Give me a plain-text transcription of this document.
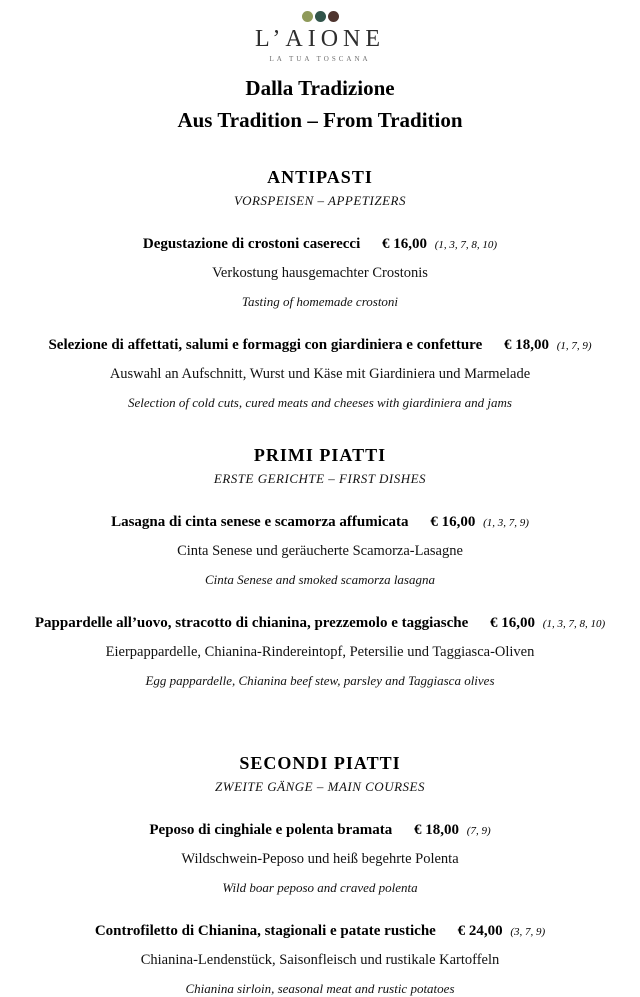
L’AIONE
LA TUA TOSCANA
Dalla Tradizione
Aus Tradition – From Tradition
ANTIPASTI
VORSPEISEN – APPETIZERS
Degustazione di crostoni caserecci € 16,00 (1, 3, 7, 8, 10)
Verkostung hausgemachter Crostonis
Tasting of homemade crostoni
Selezione di affettati, salumi e formaggi con giardiniera e confetture € 18,00 (1, 7, 9)
Auswahl an Aufschnitt, Wurst und Käse mit Giardiniera und Marmelade
Selection of cold cuts, cured meats and cheeses with giardiniera and jams
PRIMI PIATTI
ERSTE GERICHTE – FIRST DISHES
Lasagna di cinta senese e scamorza affumicata € 16,00 (1, 3, 7, 9)
Cinta Senese und geräucherte Scamorza-Lasagne
Cinta Senese and smoked scamorza lasagna
Pappardelle all’uovo, stracotto di chianina, prezzemolo e taggiasche € 16,00 (1, 3, 7, 8, 10)
Eierpappardelle, Chianina-Rindereintopf, Petersilie und Taggiasca-Oliven
Egg pappardelle, Chianina beef stew, parsley and Taggiasca olives
SECONDI PIATTI
ZWEITE GÄNGE – MAIN COURSES
Peposo di cinghiale e polenta bramata € 18,00 (7, 9)
Wildschwein-Peposo und heiß begehrte Polenta
Wild boar peposo and craved polenta
Controfiletto di Chianina, stagionali e patate rustiche € 24,00 (3, 7, 9)
Chianina-Lendenstück, Saisonfleisch und rustikale Kartoffeln
Chianina sirloin, seasonal meat and rustic potatoes
